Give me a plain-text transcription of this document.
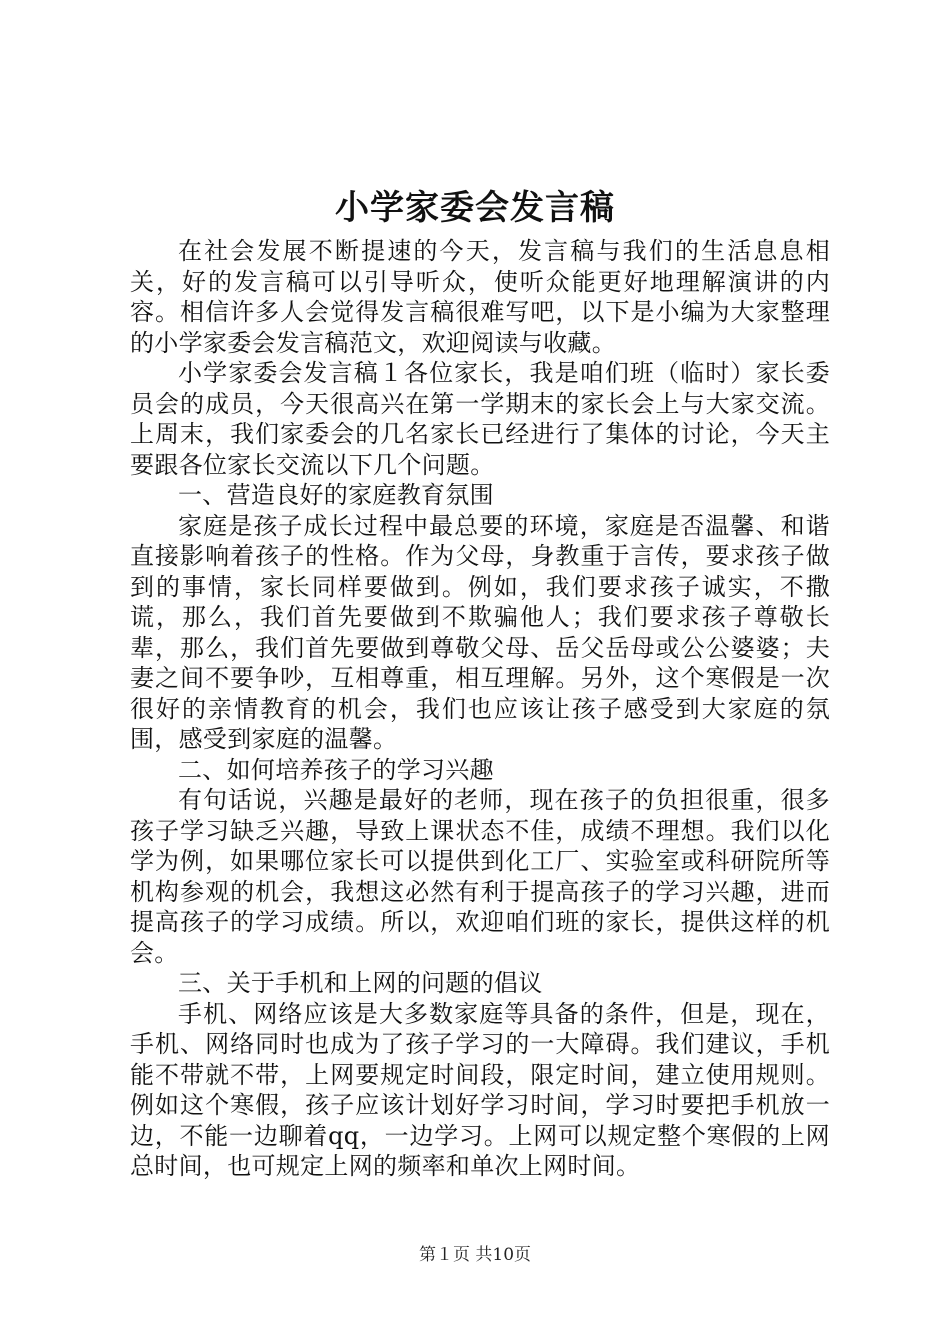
小学家委会发言稿

在社会发展不断提速的今天，发言稿与我们的生活息息相关，好的发言稿可以引导听众，使听众能更好地理解演讲的内容。相信许多人会觉得发言稿很难写吧，以下是小编为大家整理的小学家委会发言稿范文，欢迎阅读与收藏。

小学家委会发言稿１各位家长，我是咱们班（临时）家长委员会的成员，今天很高兴在第一学期末的家长会上与大家交流。上周末，我们家委会的几名家长已经进行了集体的讨论，今天主要跟各位家长交流以下几个问题。

一、营造良好的家庭教育氛围

家庭是孩子成长过程中最总要的环境，家庭是否温馨、和谐直接影响着孩子的性格。作为父母，身教重于言传，要求孩子做到的事情，家长同样要做到。例如，我们要求孩子诚实，不撒谎，那么，我们首先要做到不欺骗他人；我们要求孩子尊敬长辈，那么，我们首先要做到尊敬父母、岳父岳母或公公婆婆；夫妻之间不要争吵，互相尊重，相互理解。另外，这个寒假是一次很好的亲情教育的机会，我们也应该让孩子感受到大家庭的氛围，感受到家庭的温馨。

二、如何培养孩子的学习兴趣

有句话说，兴趣是最好的老师，现在孩子的负担很重，很多孩子学习缺乏兴趣，导致上课状态不佳，成绩不理想。我们以化学为例，如果哪位家长可以提供到化工厂、实验室或科研院所等机构参观的机会，我想这必然有利于提高孩子的学习兴趣，进而提高孩子的学习成绩。所以，欢迎咱们班的家长，提供这样的机会。

三、关于手机和上网的问题的倡议

手机、网络应该是大多数家庭等具备的条件，但是，现在，手机、网络同时也成为了孩子学习的一大障碍。我们建议，手机能不带就不带，上网要规定时间段，限定时间，建立使用规则。例如这个寒假，孩子应该计划好学习时间，学习时要把手机放一边，不能一边聊着qq，一边学习。上网可以规定整个寒假的上网总时间，也可规定上网的频率和单次上网时间。

第１页 共10页
